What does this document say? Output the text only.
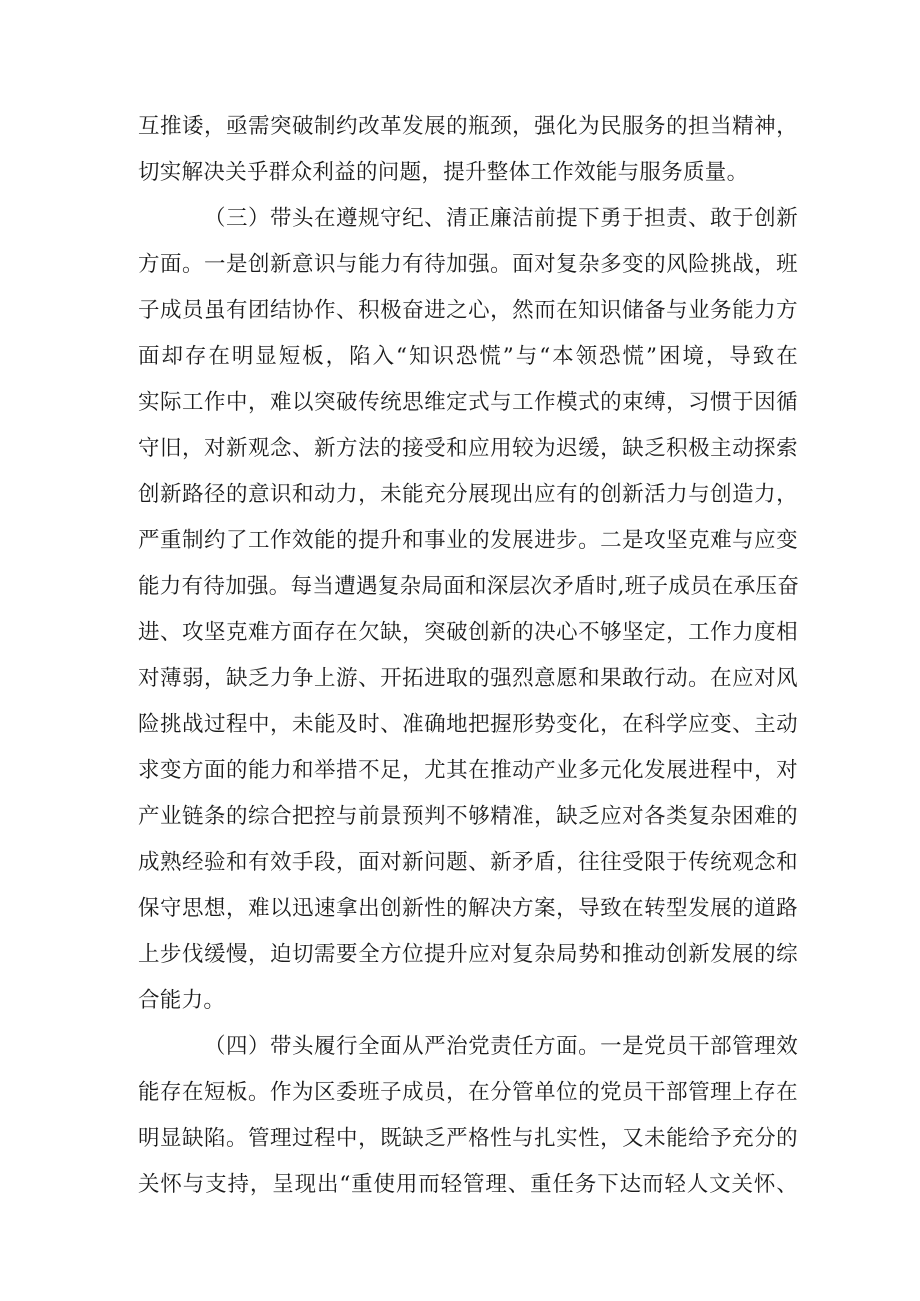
互推诿，亟需突破制约改革发展的瓶颈，强化为民服务的担当精神，
切实解决关乎群众利益的问题，提升整体工作效能与服务质量。
（三）带头在遵规守纪、清正廉洁前提下勇于担责、敢于创新
方面。一是创新意识与能力有待加强。面对复杂多变的风险挑战，班
子成员虽有团结协作、积极奋进之心，然而在知识储备与业务能力方
面却存在明显短板，陷入“知识恐慌”与“本领恐慌”困境，导致在
实际工作中，难以突破传统思维定式与工作模式的束缚，习惯于因循
守旧，对新观念、新方法的接受和应用较为迟缓，缺乏积极主动探索
创新路径的意识和动力，未能充分展现出应有的创新活力与创造力，
严重制约了工作效能的提升和事业的发展进步。二是攻坚克难与应变
能力有待加强。每当遭遇复杂局面和深层次矛盾时,班子成员在承压奋
进、攻坚克难方面存在欠缺，突破创新的决心不够坚定，工作力度相
对薄弱，缺乏力争上游、开拓进取的强烈意愿和果敢行动。在应对风
险挑战过程中，未能及时、准确地把握形势变化，在科学应变、主动
求变方面的能力和举措不足，尤其在推动产业多元化发展进程中，对
产业链条的综合把控与前景预判不够精准，缺乏应对各类复杂困难的
成熟经验和有效手段，面对新问题、新矛盾，往往受限于传统观念和
保守思想，难以迅速拿出创新性的解决方案，导致在转型发展的道路
上步伐缓慢，迫切需要全方位提升应对复杂局势和推动创新发展的综
合能力。
（四）带头履行全面从严治党责任方面。一是党员干部管理效
能存在短板。作为区委班子成员，在分管单位的党员干部管理上存在
明显缺陷。管理过程中，既缺乏严格性与扎实性，又未能给予充分的
关怀与支持，呈现出“重使用而轻管理、重任务下达而轻人文关怀、
